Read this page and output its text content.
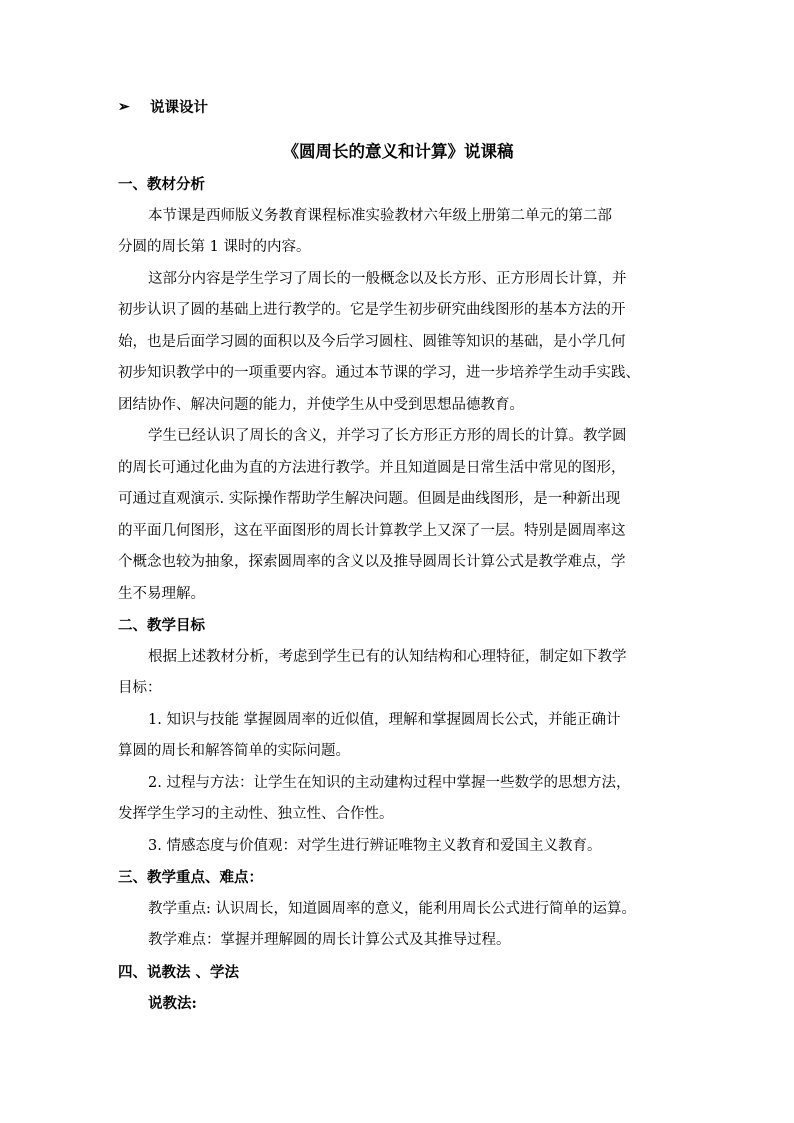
➢	说课设计
《圆周长的意义和计算》说课稿
一、教材分析
本节课是西师版义务教育课程标准实验教材六年级上册第二单元的第二部
分圆的周长第 1 课时的内容。
这部分内容是学生学习了周长的一般概念以及长方形、正方形周长计算，并
初步认识了圆的基础上进行教学的。它是学生初步研究曲线图形的基本方法的开
始，也是后面学习圆的面积以及今后学习圆柱、圆锥等知识的基础，是小学几何
初步知识教学中的一项重要内容。通过本节课的学习，进一步培养学生动手实践、
团结协作、解决问题的能力，并使学生从中受到思想品德教育。
学生已经认识了周长的含义，并学习了长方形正方形的周长的计算。教学圆
的周长可通过化曲为直的方法进行教学。并且知道圆是日常生活中常见的图形，
可通过直观演示. 实际操作帮助学生解决问题。但圆是曲线图形，是一种新出现
的平面几何图形，这在平面图形的周长计算教学上又深了一层。特别是圆周率这
个概念也较为抽象，探索圆周率的含义以及推导圆周长计算公式是教学难点，学
生不易理解。
二、教学目标
根据上述教材分析，考虑到学生已有的认知结构和心理特征，制定如下教学
目标：
1. 知识与技能 掌握圆周率的近似值，理解和掌握圆周长公式，并能正确计
算圆的周长和解答简单的实际问题。
2. 过程与方法：让学生在知识的主动建构过程中掌握一些数学的思想方法，
发挥学生学习的主动性、独立性、合作性。
3. 情感态度与价值观：对学生进行辨证唯物主义教育和爱国主义教育。
三、教学重点、难点：
教学重点: 认识周长，知道圆周率的意义，能利用周长公式进行简单的运算。
教学难点：掌握并理解圆的周长计算公式及其推导过程。
四、说教法 、学法
说教法:
